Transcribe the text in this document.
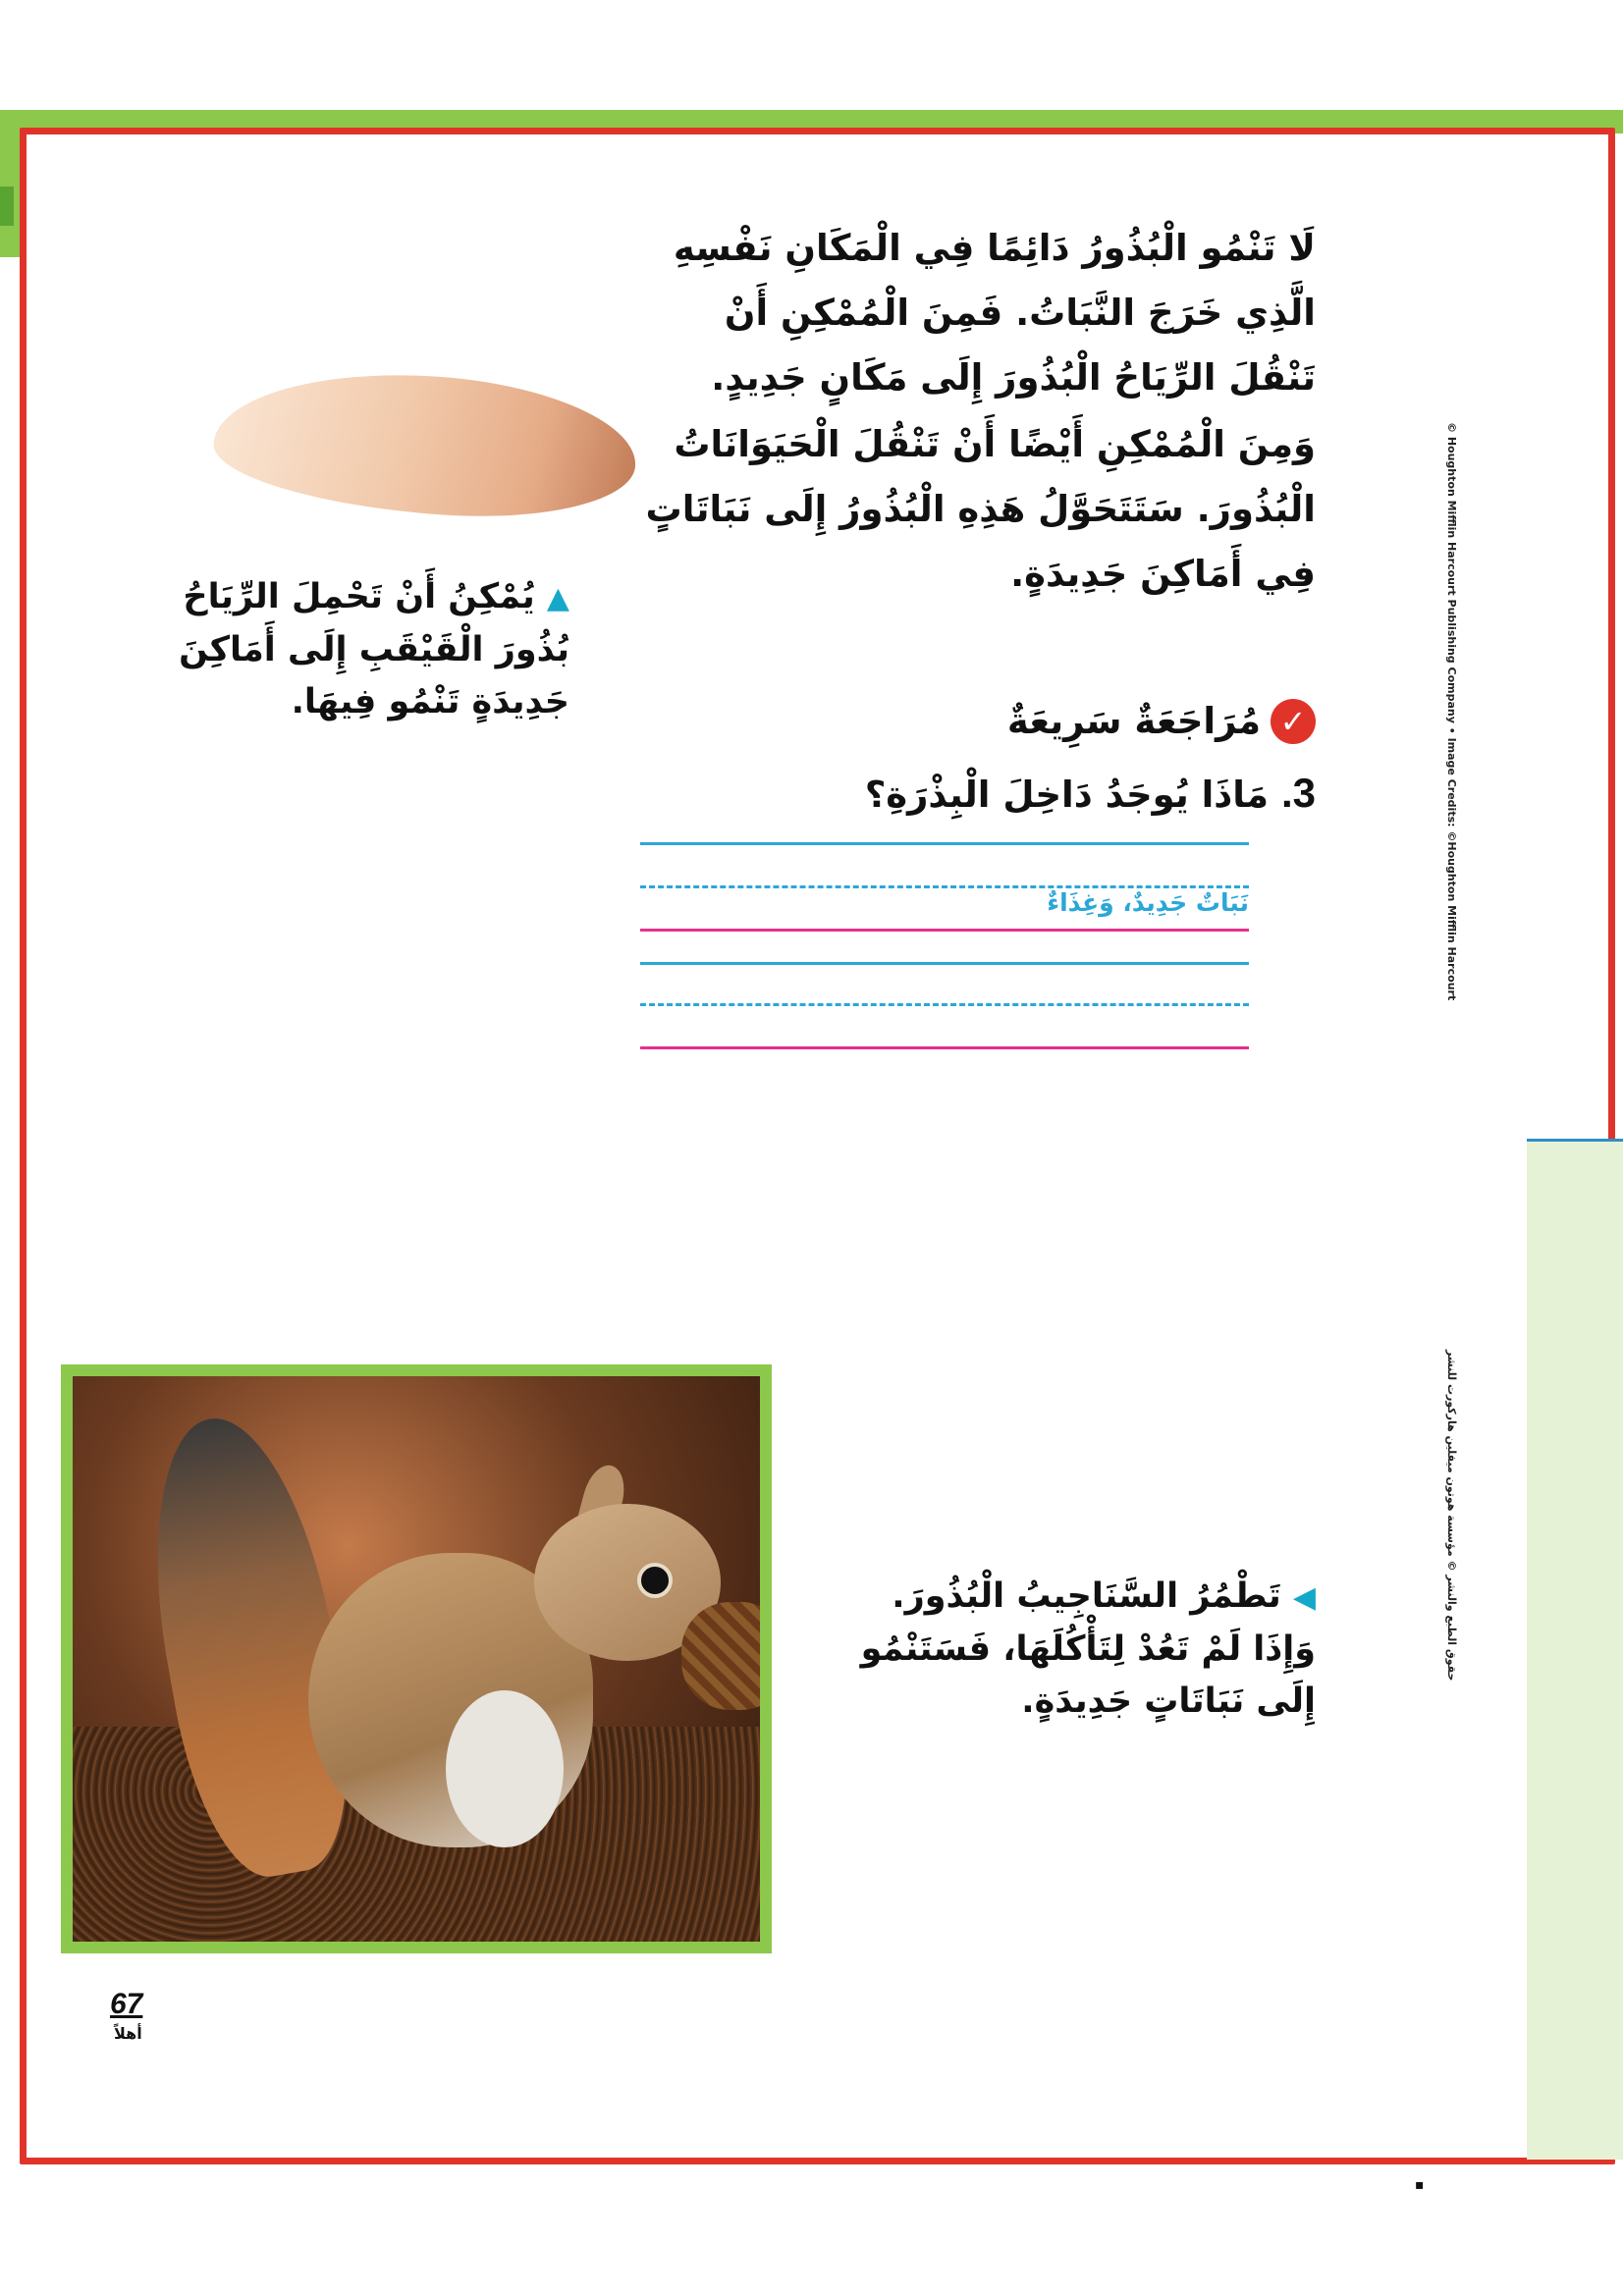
لَا تَنْمُو الْبُذُورُ دَائِمًا فِي الْمَكَانِ نَفْسِهِ الَّذِي خَرَجَ النَّبَاتُ. فَمِنَ الْمُمْكِنِ أَنْ تَنْقُلَ الرِّيَاحُ الْبُذُورَ إِلَى مَكَانٍ جَدِيدٍ.
وَمِنَ الْمُمْكِنِ أَيْضًا أَنْ تَنْقُلَ الْحَيَوَانَاتُ الْبُذُورَ. سَتَتَحَوَّلُ هَذِهِ الْبُذُورُ إِلَى نَبَاتَاتٍ فِي أَمَاكِنَ جَدِيدَةٍ.
▲ يُمْكِنُ أَنْ تَحْمِلَ الرِّيَاحُ بُذُورَ الْقَيْقَبِ إِلَى أَمَاكِنَ جَدِيدَةٍ تَنْمُو فِيهَا.	✓
مُرَاجَعَةٌ سَرِيعَةٌ
3. مَاذَا يُوجَدُ دَاخِلَ الْبِذْرَةِ؟
نَبَاتٌ جَدِيدٌ، وَغِذَاءٌ
◀ تَطْمُرُ السَّنَاجِيبُ الْبُذُورَ. وَإِذَا لَمْ تَعُدْ لِتَأْكُلَهَا، فَسَتَنْمُو إِلَى نَبَاتَاتٍ جَدِيدَةٍ.
© Houghton Mifflin Harcourt Publishing Company • Image Credits: ©Houghton Mifflin Harcourt
حقوق الطبع والنشر © مؤسسة هوتون ميفلين هاركورت للنشر
67
أهلاً
▪
